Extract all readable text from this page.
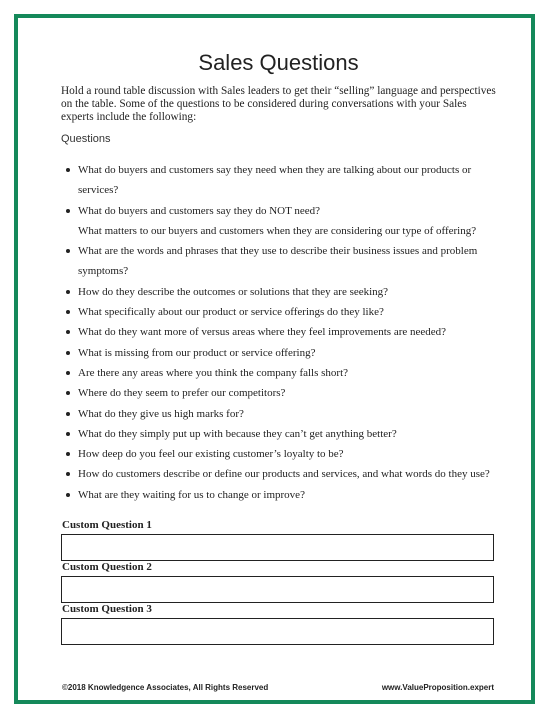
Sales Questions
Hold a round table discussion with Sales leaders to get their “selling” language and perspectives on the table. Some of the questions to be considered during conversations with your Sales experts include the following:
Questions
What do buyers and customers say they need when they are talking about our products or
services?
What do buyers and customers say they do NOT need?
What matters to our buyers and customers when they are considering our type of offering?
What are the words and phrases that they use to describe their business issues and problem
symptoms?
How do they describe the outcomes or solutions that they are seeking?
What specifically about our product or service offerings do they like?
What do they want more of versus areas where they feel improvements are needed?
What is missing from our product or service offering?
Are there any areas where you think the company falls short?
Where do they seem to prefer our competitors?
What do they give us high marks for?
What do they simply put up with because they can’t get anything better?
How deep do you feel our existing customer’s loyalty to be?
How do customers describe or define our products and services, and what words do they use?
What are they waiting for us to change or improve?
Custom Question 1
Custom Question 2
Custom Question 3
©2018 Knowledgence Associates, All Rights Reserved	www.ValueProposition.expert
